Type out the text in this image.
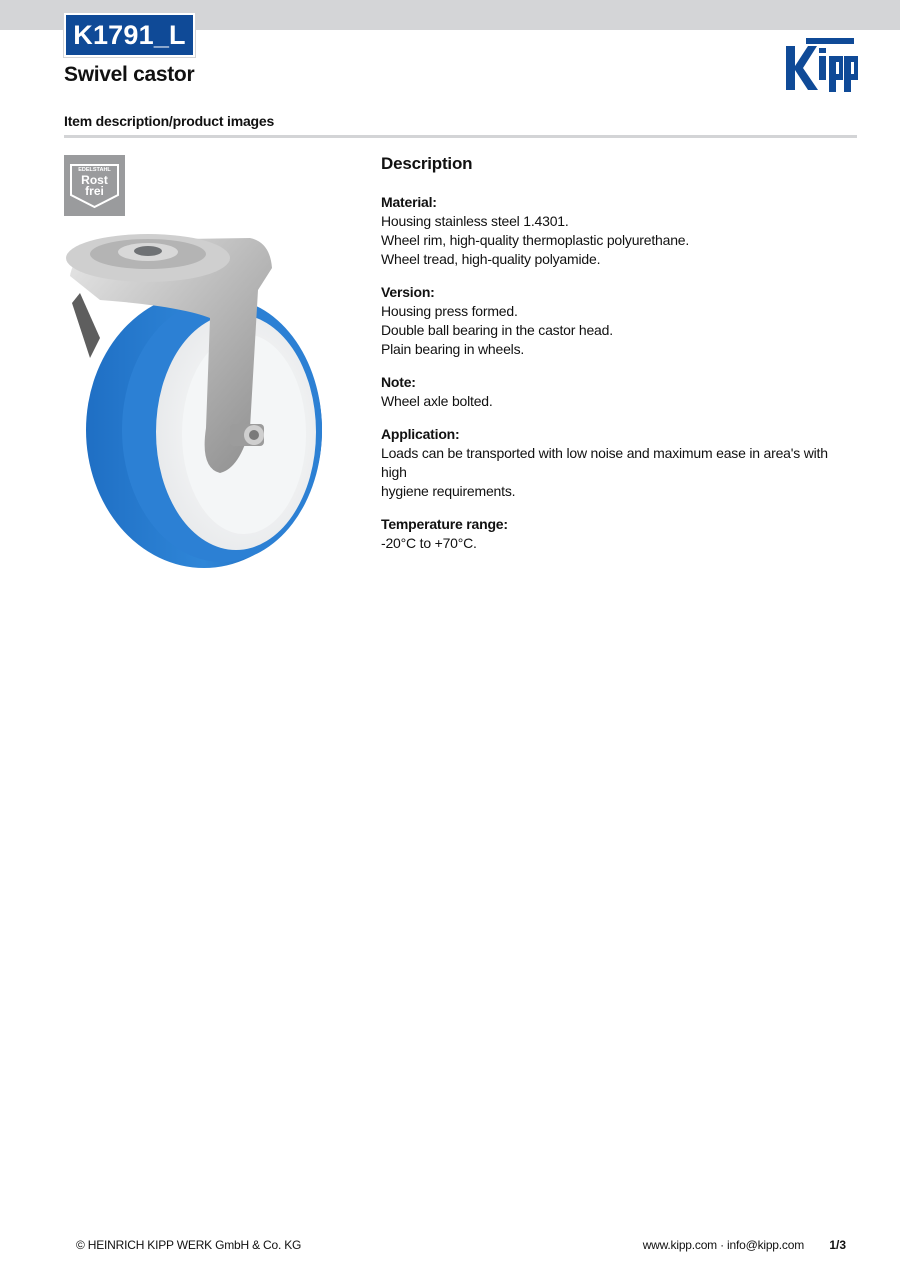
K1791_L
Swivel castor
Item description/product images
EDELSTAHL
Rost
frei
Description
Material:
Housing stainless steel 1.4301.
Wheel rim, high-quality thermoplastic polyurethane.
Wheel tread, high-quality polyamide.
Version:
Housing press formed.
Double ball bearing in the castor head.
Plain bearing in wheels.
Note:
Wheel axle bolted.
Application:
Loads can be transported with low noise and maximum ease in area's with high
hygiene requirements.
Temperature range:
-20°C to +70°C.
© HEINRICH KIPP WERK GmbH & Co. KG	www.kipp.com · info@kipp.com 1/3
